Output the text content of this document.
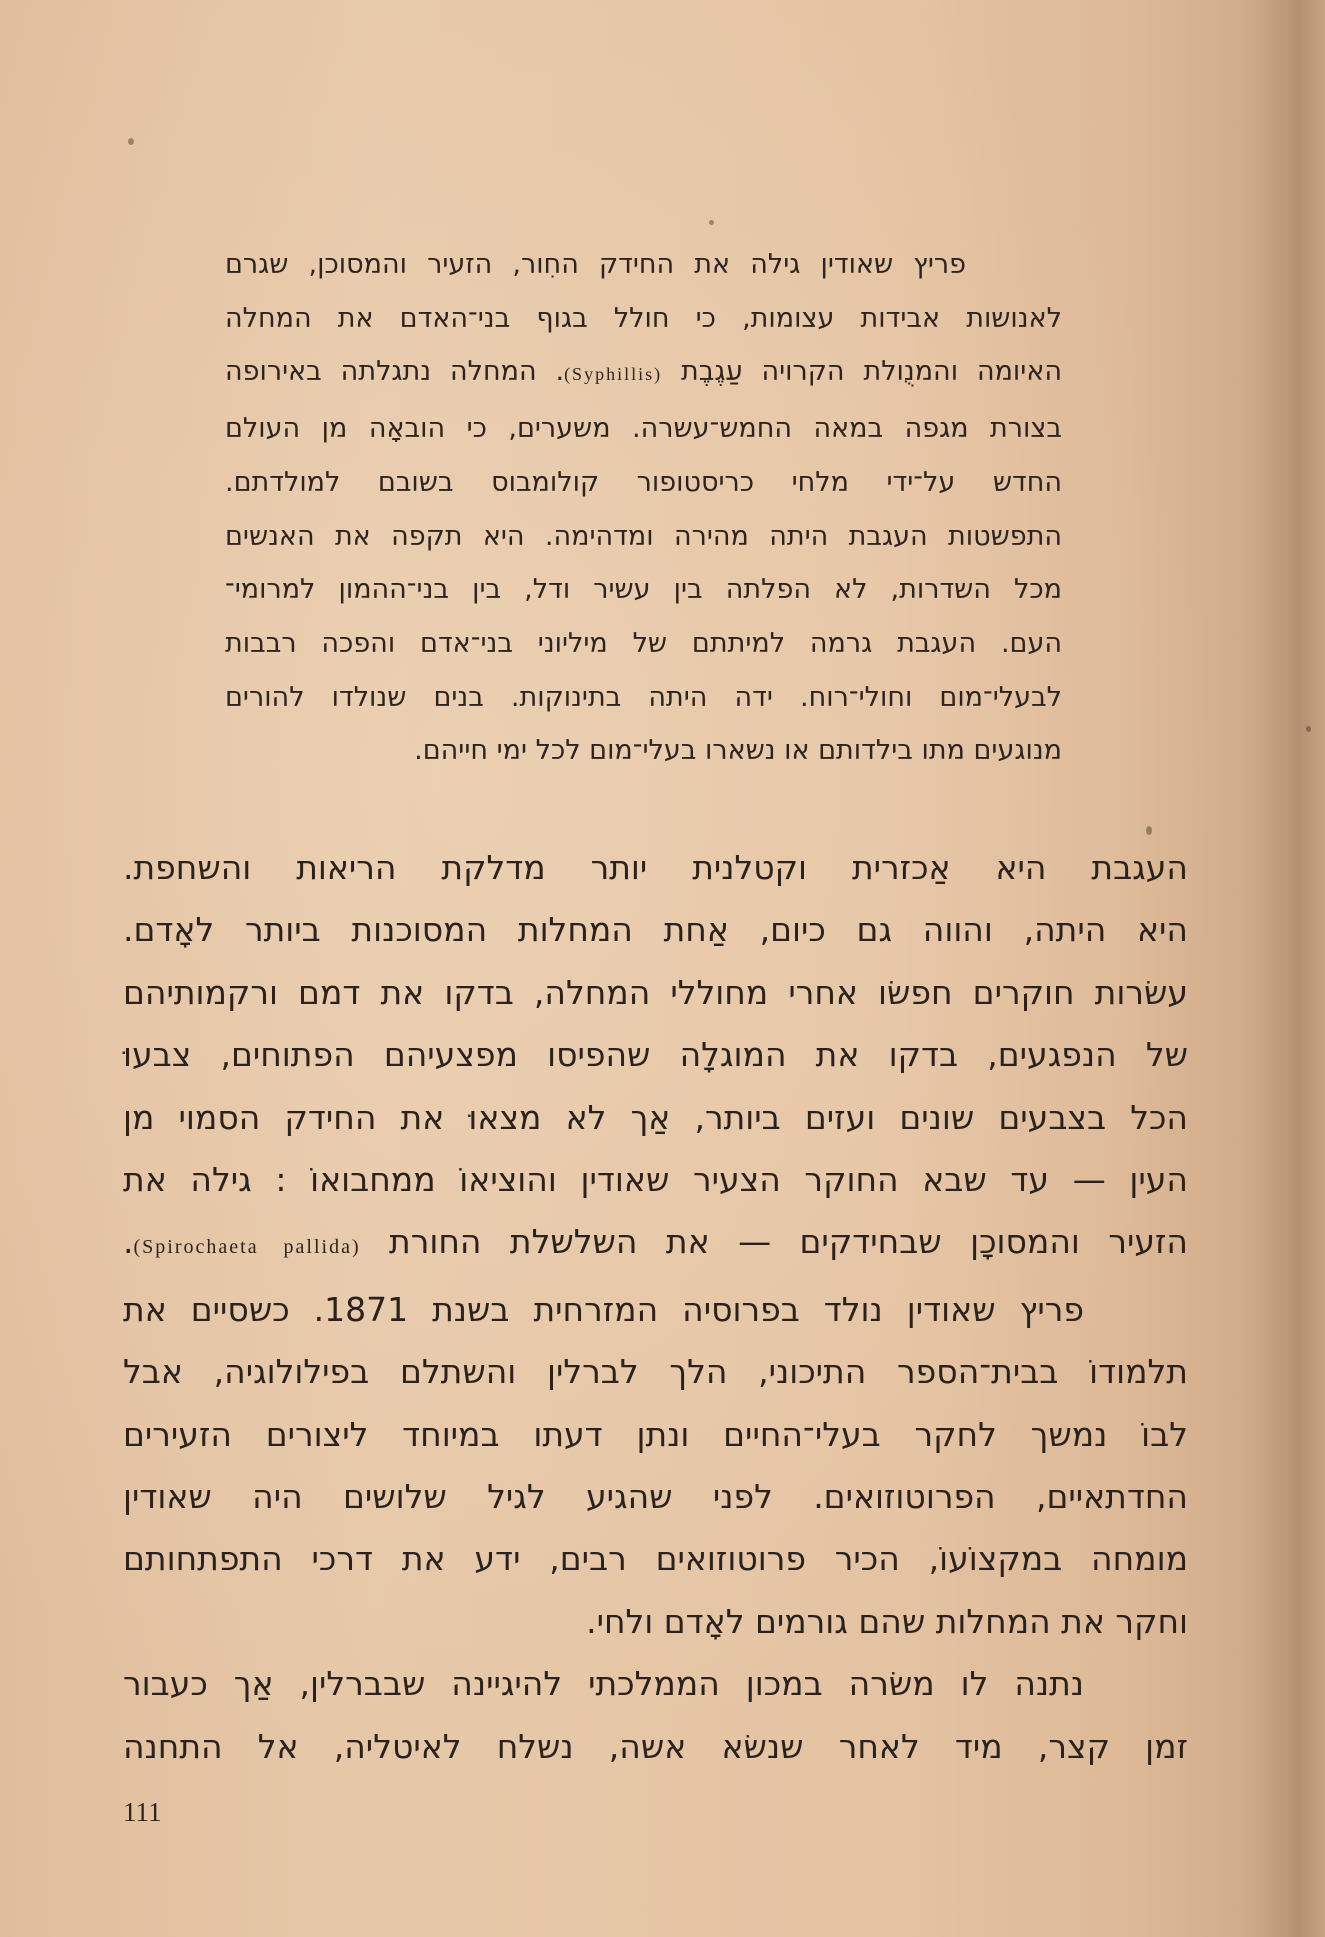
פריץ שאודין גילה את החידק החִור, הזעיר והמסוכן, שגרם
לאנושות אבידות עצומות, כי חולל בגוף בני־האדם את המחלה
האיומה והמנֻולת הקרויה עַגֶבֶת (Syphillis). המחלה נתגלתה באירופה
בצורת מגפה במאה החמש־עשרה. משערים, כי הובאָה מן העולם
החדש על־ידי מלחי כריסטופור קולומבוס בשובם למולדתם.
התפשטות העגבת היתה מהירה ומדהימה. היא תקפה את האנשים
מכל השדרות, לא הפלתה בין עשיר ודל, בין בני־ההמון למרומי־
העם. העגבת גרמה למיתתם של מיליוני בני־אדם והפכה רבבות
לבעלי־מום וחולי־רוח. ידה היתה בתינוקות. בנים שנולדו להורים
מנוגעים מתו בילדותם או נשארו בעלי־מום לכל ימי חייהם.
העגבת היא אַכזרית וקטלנית יותר מדלקת הריאות והשחפת.
היא היתה, והווה גם כיום, אַחת המחלות המסוכנות ביותר לאָדם.
עשׂרות חוקרים חפשׂו אחרי מחוללי המחלה, בדקו את דמם ורקמותיהם
של הנפגעים, בדקו את המוגלָה שהפיסו מפצעיהם הפתוחים, צבעוּ
הכל בצבעים שונים ועזים ביותר, אַך לא מצאוּ את החידק הסמוי מן
העין — עד שבא החוקר הצעיר שאודין והוציאוֹ ממחבואוֹ : גילה את
הזעיר והמסוכָן שבחידקים — את השלשלת החורת (Spirochaeta pallida).
פריץ שאודין נולד בפרוסיה המזרחית בשנת 1871. כשסיים את
תלמודוֹ בבית־הספר התיכוני, הלך לברלין והשתלם בפילולוגיה, אבל
לבוֹ נמשך לחקר בעלי־החיים ונתן דעתו במיוחד ליצורים הזעירים
החדתאיים, הפרוטוזואים. לפני שהגיע לגיל שלושים היה שאודין
מומחה במקצוֹעוֹ, הכיר פרוטוזואים רבים, ידע את דרכי התפתחותם
וחקר את המחלות שהם גורמים לאָדם ולחי.
נתנה לו משׂרה במכון הממלכתי להיגיינה שבברלין, אַך כעבור
זמן קצר, מיד לאחר שנשׂא אשה, נשלח לאיטליה, אל התחנה
111
